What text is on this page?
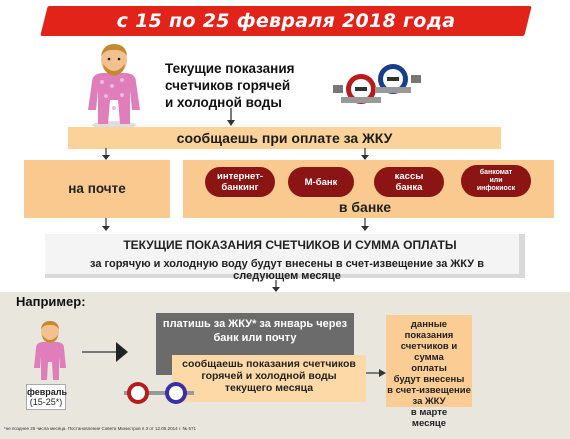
с 15 по 25 февраля 2018 года
Текущие показания
счетчиков горячей
и холодной воды
сообщаешь при оплате за ЖКУ
на почте
интернет-
банкинг	М-банк	кассы
банка
банкомат
или
инфокиоск
в банке
ТЕКУЩИЕ ПОКАЗАНИЯ СЧЕТЧИКОВ И СУММА ОПЛАТЫ
за горячую и холодную воду будут внесены в счет-извещение за ЖКУ в следующем месяце
Например:
февраль
(15-25*)
платишь за ЖКУ* за январь через
банк или почту
сообщаешь показания счетчиков
горячей и холодной воды
текущего месяца
данные показания
счетчиков и сумма
оплаты
будут внесены
в счет-извещение
за ЖКУ
в марте
месяце
*не позднее 25 числа месяца. Постановление Совета Министров п.3 от 12.06.2014 г. № 571
